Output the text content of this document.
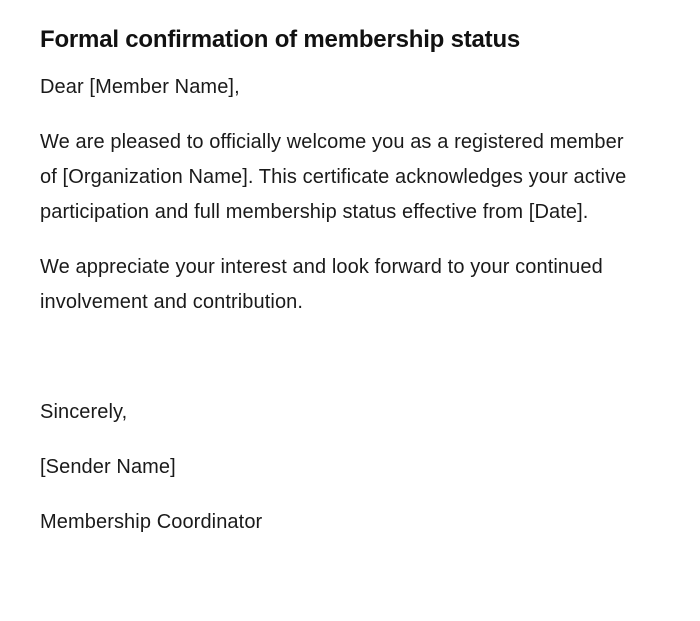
Formal confirmation of membership status

Dear [Member Name],

We are pleased to officially welcome you as a registered member of [Organization Name]. This certificate acknowledges your active participation and full membership status effective from [Date].

We appreciate your interest and look forward to your continued involvement and contribution.

Sincerely,

[Sender Name]

Membership Coordinator
